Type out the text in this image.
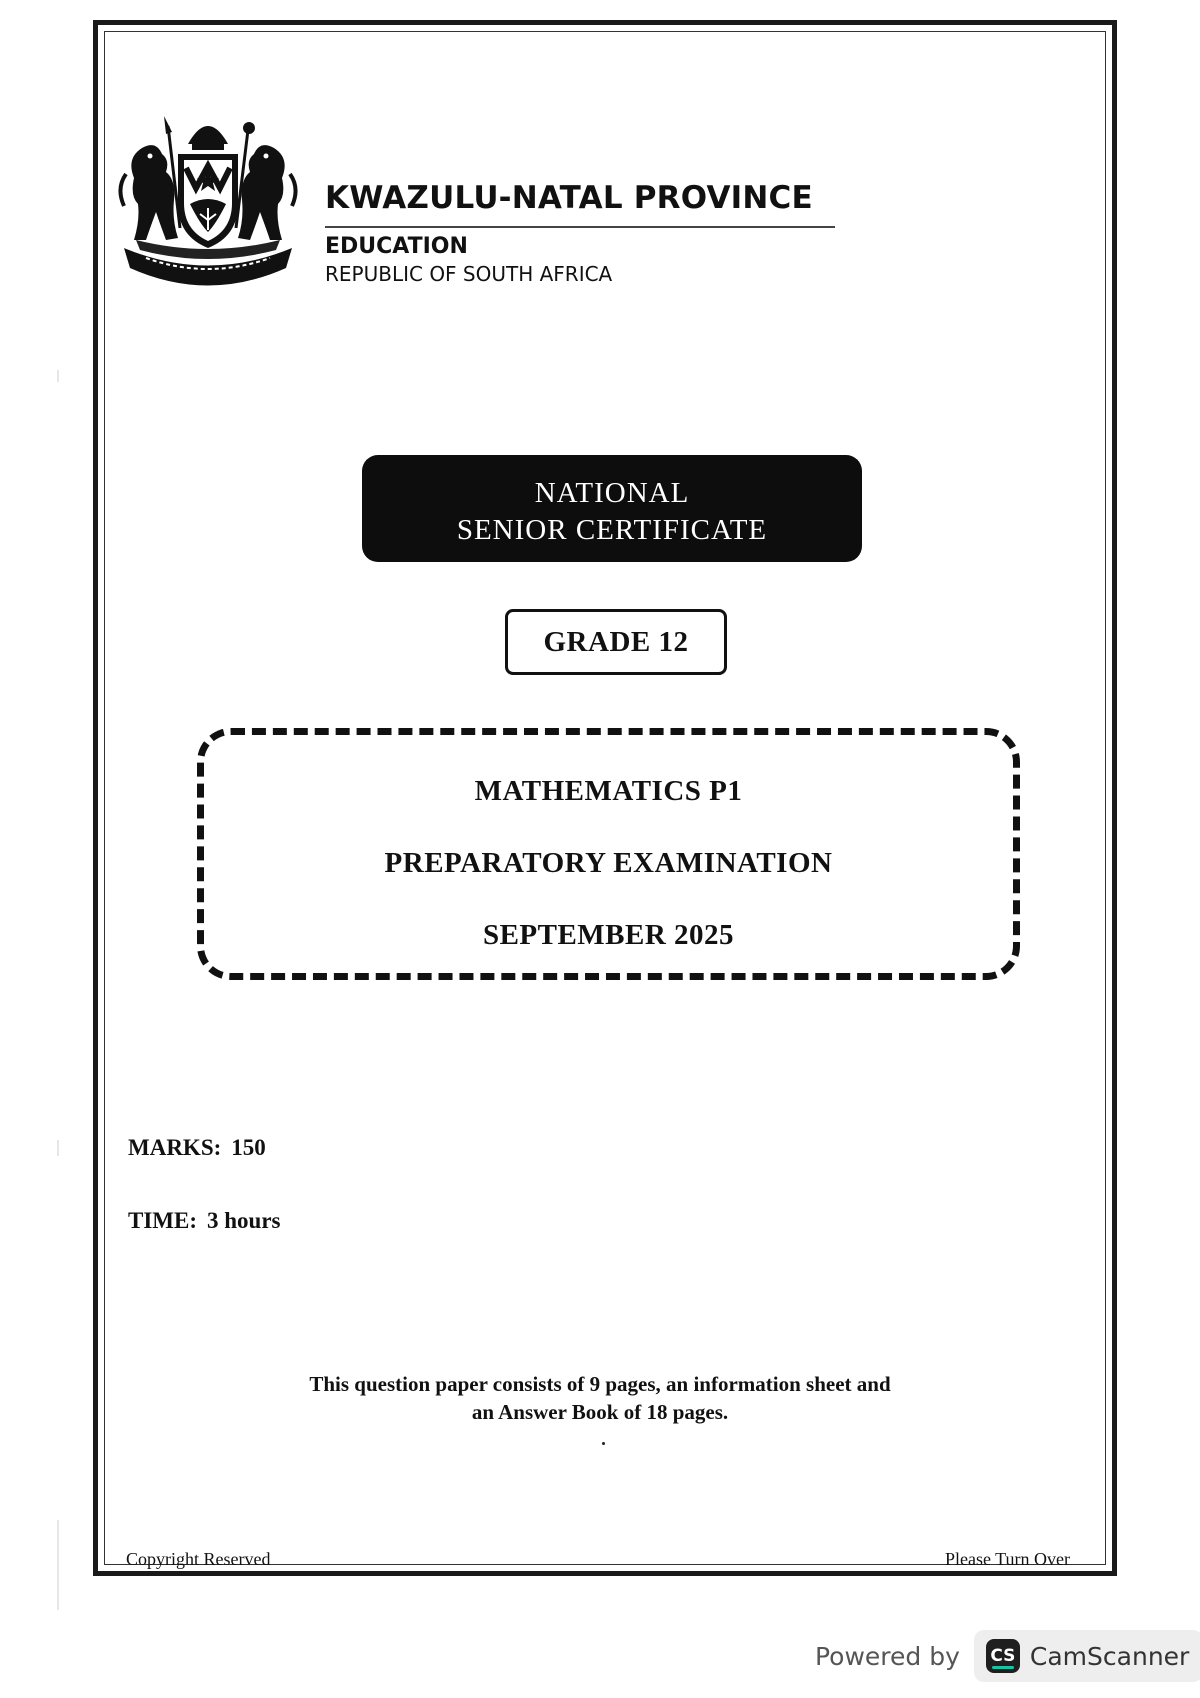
KWAZULU-NATAL PROVINCE
EDUCATION
REPUBLIC OF SOUTH AFRICA
NATIONAL
SENIOR CERTIFICATE
GRADE 12
MATHEMATICS P1
PREPARATORY EXAMINATION
SEPTEMBER 2025
MARKS: 150
TIME: 3 hours
This question paper consists of 9 pages, an information sheet and
an Answer Book of 18 pages.
Copyright Reserved	Please Turn Over
Powered by CS CamScanner
